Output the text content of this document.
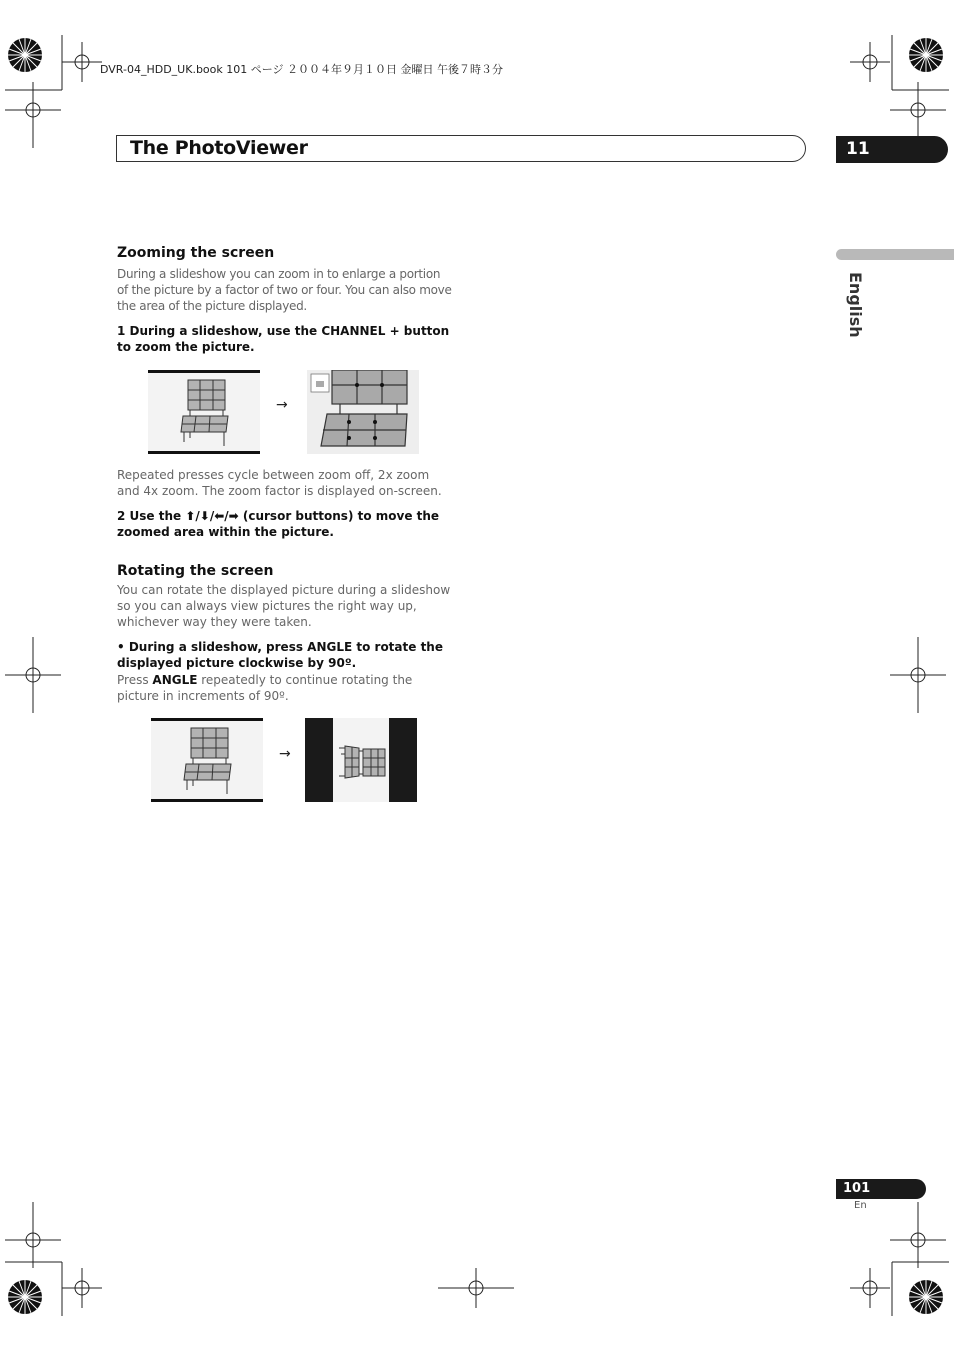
DVR-04_HDD_UK.book 101 ページ ２００４年９月１０日 金曜日 午後７時３分
The PhotoViewer	11
English
Zooming the screen

During a slideshow you can zoom in to enlarge a portion of the picture by a factor of two or four. You can also move the area of the picture displayed.

1 During a slideshow, use the CHANNEL + button to zoom the picture.

→

Repeated presses cycle between zoom off, 2x zoom and 4x zoom. The zoom factor is displayed on-screen.

2 Use the ⬆/⬇/⬅/➡ (cursor buttons) to move the zoomed area within the picture.

Rotating the screen

You can rotate the displayed picture during a slideshow so you can always view pictures the right way up, whichever way they were taken.

• During a slideshow, press ANGLE to rotate the displayed picture clockwise by 90º.

Press ANGLE repeatedly to continue rotating the picture in increments of 90º.

→
101
En
